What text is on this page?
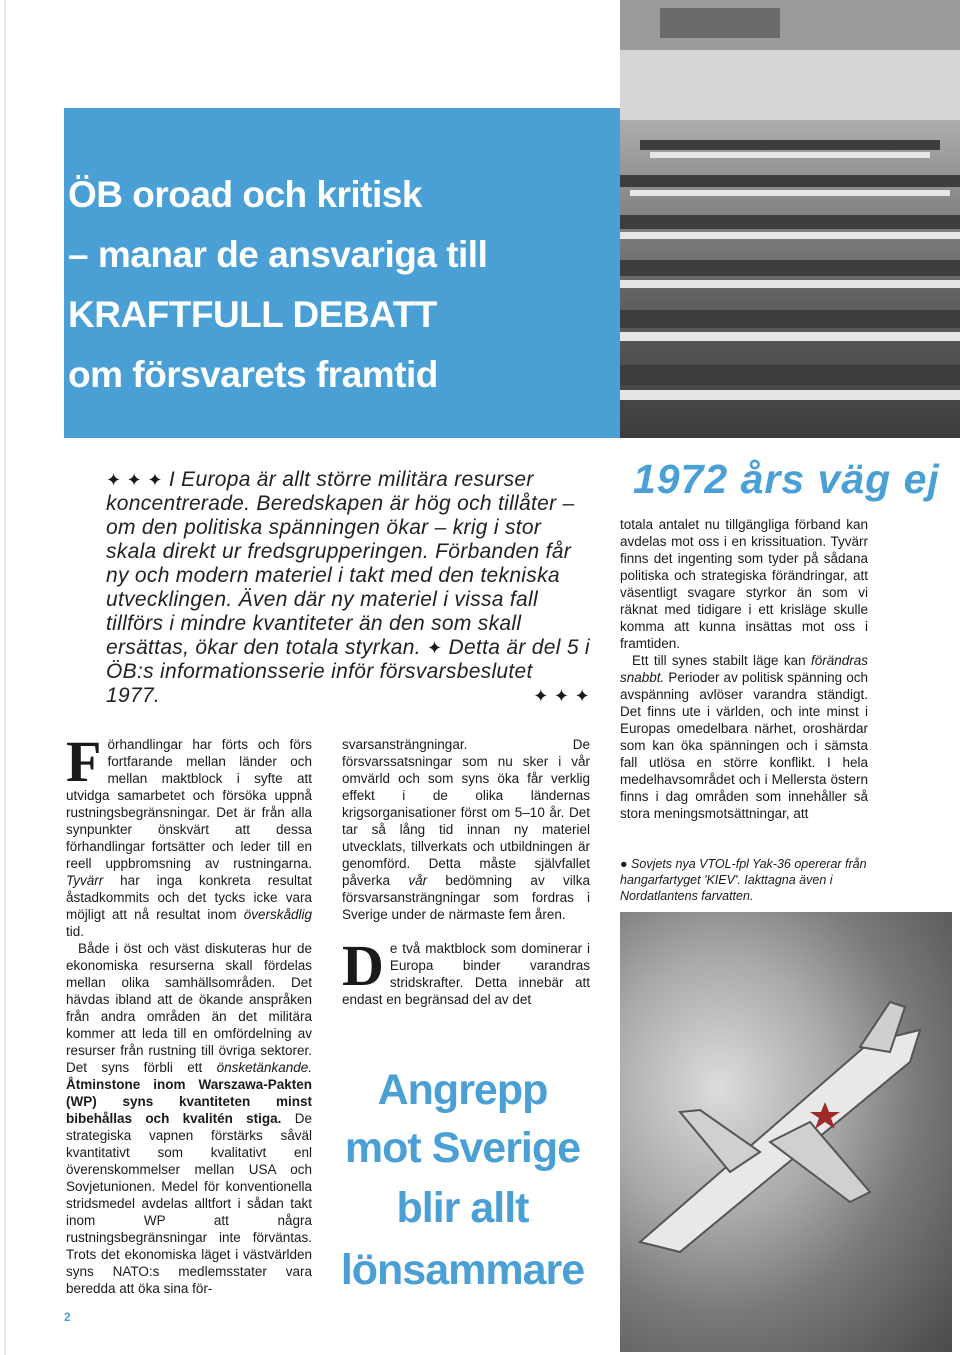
ÖB oroad och kritisk
– manar de ansvariga till
KRAFTFULL DEBATT
om försvarets framtid

✦ ✦ ✦ I Europa är allt större militära resurser koncentrerade. Beredskapen är hög och tillåter – om den politiska spänningen ökar – krig i stor skala direkt ur fredsgrupperingen. Förbanden får ny och modern materiel i takt med den tekniska utvecklingen. Även där ny materiel i vissa fall tillförs i mindre kvantiteter än den som skall ersättas, ökar den totala styrkan. ✦ Detta är del 5 i ÖB:s informationsserie inför försvarsbeslutet 1977.	✦ ✦ ✦

Förhandlingar har förts och förs fortfarande mellan länder och mellan maktblock i syfte att utvidga samarbetet och försöka uppnå rustningsbegränsningar. Det är från alla synpunkter önskvärt att dessa förhandlingar fortsätter och leder till en reell uppbromsning av rustningarna. Tyvärr har inga konkreta resultat åstadkommits och det tycks icke vara möjligt att nå resultat inom överskådlig tid.

Både i öst och väst diskuteras hur de ekonomiska resurserna skall fördelas mellan olika samhällsområden. Det hävdas ibland att de ökande anspråken från andra områden än det militära kommer att leda till en omfördelning av resurser från rustning till övriga sektorer. Det syns förbli ett önsketänkande. Åtminstone inom Warszawa-Pakten (WP) syns kvantiteten minst bibehållas och kvalitén stiga. De strategiska vapnen förstärks såväl kvantitativt som kvalitativt enl överenskommelser mellan USA och Sovjetunionen. Medel för konventionella stridsmedel avdelas alltfort i sådan takt inom WP att några rustningsbegränsningar inte förväntas. Trots det ekonomiska läget i västvärlden syns NATO:s medlemsstater vara beredda att öka sina för-

svarsansträngningar. De försvarssatsningar som nu sker i vår omvärld och som syns öka får verklig effekt i de olika ländernas krigsorganisationer först om 5–10 år. Det tar så lång tid innan ny materiel utvecklats, tillverkats och utbildningen är genomförd. Detta måste självfallet påverka vår bedömning av vilka försvarsansträngningar som fordras i Sverige under de närmaste fem åren.

De två maktblock som dominerar i Europa binder varandras stridskrafter. Detta innebär att endast en begränsad del av det

Angrepp
mot Sverige
blir allt
lönsammare
1972 års väg ej

totala antalet nu tillgängliga förband kan avdelas mot oss i en krissituation. Tyvärr finns det ingenting som tyder på sådana politiska och strategiska förändringar, att väsentligt svagare styrkor än som vi räknat med tidigare i ett krisläge skulle komma att kunna insättas mot oss i framtiden.

Ett till synes stabilt läge kan förändras snabbt. Perioder av politisk spänning och avspänning avlöser varandra ständigt. Det finns ute i världen, och inte minst i Europas omedelbara närhet, oroshärdar som kan öka spänningen och i sämsta fall utlösa en större konflikt. I hela medelhavsområdet och i Mellersta östern finns i dag områden som innehåller så stora meningsmotsättningar, att

● Sovjets nya VTOL-fpl Yak-36 opererar från hangarfartyget 'KIEV'. Iakttagna även i Nordatlantens farvatten.
2
